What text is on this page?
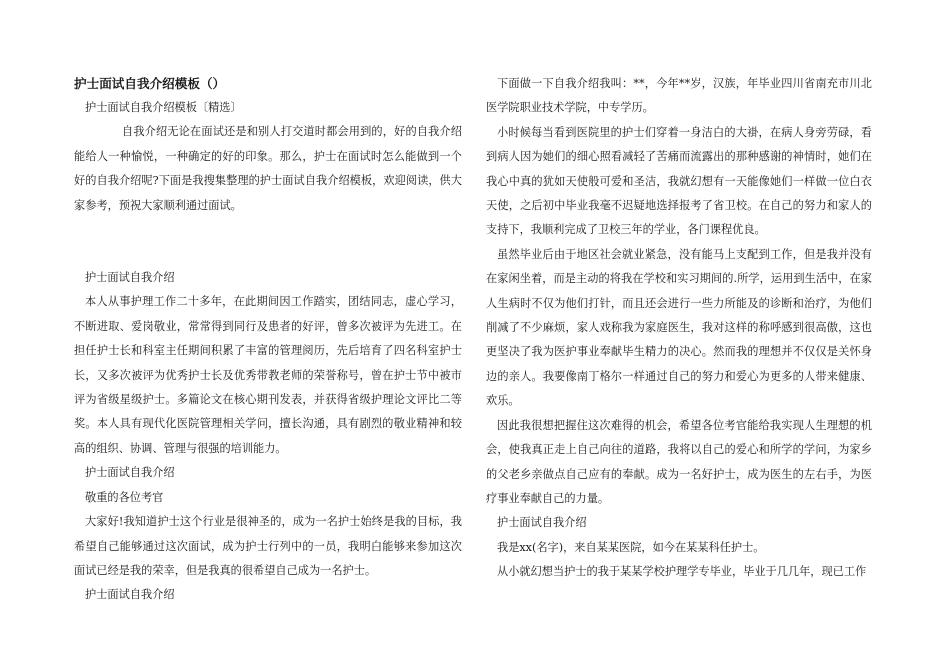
护士面试自我介绍模板（）

护士面试自我介绍模板〔精选〕

自我介绍无论在面试还是和别人打交道时都会用到的，好的自我介绍能给人一种愉悦，一种确定的好的印象。那么，护士在面试时怎么能做到一个好的自我介绍呢?下面是我搜集整理的护士面试自我介绍模板，欢迎阅读，供大家参考，预祝大家顺利通过面试。

护士面试自我介绍

本人从事护理工作二十多年，在此期间因工作踏实，团结同志，虚心学习，不断进取、爱岗敬业，常常得到同行及患者的好评，曾多次被评为先进工。在担任护士长和科室主任期间积累了丰富的管理阅历，先后培育了四名科室护士长，又多次被评为优秀护士长及优秀带教老师的荣誉称号，曾在护士节中被市评为省级星级护士。多篇论文在核心期刊发表，并获得省级护理论文评比二等奖。本人具有现代化医院管理相关学问，擅长沟通，具有剧烈的敬业精神和较高的组织、协调、管理与很强的培训能力。

护士面试自我介绍

敬重的各位考官

大家好!我知道护士这个行业是很神圣的，成为一名护士始终是我的目标，我希望自己能够通过这次面试，成为护士行列中的一员，我明白能够来参加这次面试已经是我的荣幸，但是我真的很希望自己成为一名护士。

护士面试自我介绍

下面做一下自我介绍我叫：**，今年**岁，汉族，年毕业四川省南充市川北医学院职业技术学院，中专学历。

小时候每当看到医院里的护士们穿着一身洁白的大褂，在病人身旁劳碌，看到病人因为她们的细心照看减轻了苦痛而流露出的那种感谢的神情时，她们在我心中真的犹如天使般可爱和圣洁，我就幻想有一天能像她们一样做一位白衣天使，之后初中毕业我毫不迟疑地选择报考了省卫校。在自己的努力和家人的支持下，我顺利完成了卫校三年的学业，各门课程优良。

虽然毕业后由于地区社会就业紧急，没有能马上支配到工作，但是我并没有在家闲坐着，而是主动的将我在学校和实习期间的.所学，运用到生活中，在家人生病时不仅为他们打针，而且还会进行一些力所能及的诊断和治疗，为他们削减了不少麻烦，家人戏称我为家庭医生，我对这样的称呼感到很高傲，这也更坚决了我为医护事业奉献毕生精力的决心。然而我的理想并不仅仅是关怀身边的亲人。我要像南丁格尔一样通过自己的努力和爱心为更多的人带来健康、欢乐。

因此我很想把握住这次难得的机会，希望各位考官能给我实现人生理想的机会，使我真正走上自己向往的道路，我将以自己的爱心和所学的学问，为家乡的父老乡亲做点自己应有的奉献。成为一名好护士，成为医生的左右手，为医疗事业奉献自己的力量。

护士面试自我介绍

我是xx(名字)，来自某某医院，如今在某某科任护士。

从小就幻想当护士的我于某某学校护理学专毕业，毕业于几几年，现已工作
